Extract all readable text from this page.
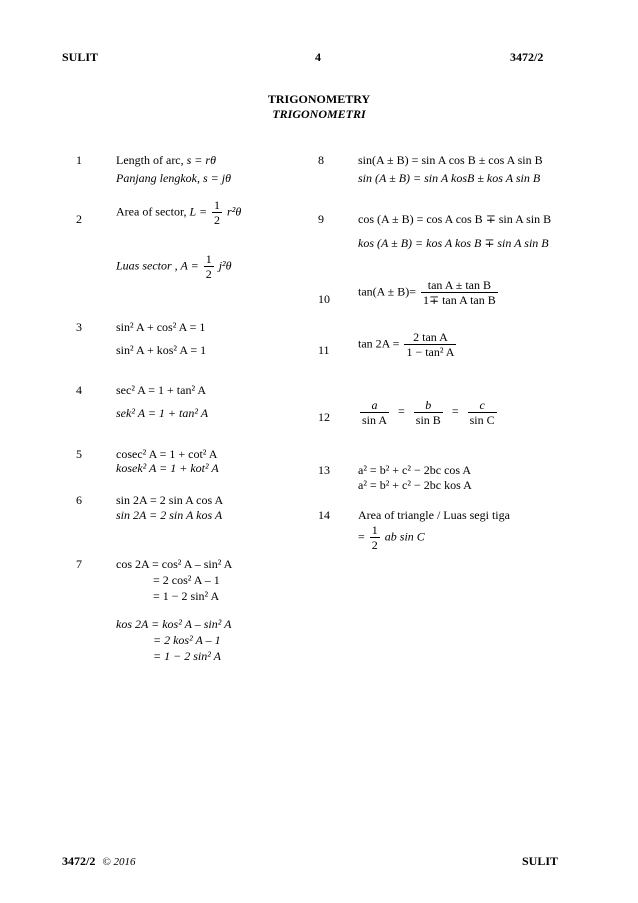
SULIT	4	3472/2
TRIGONOMETRY
TRIGONOMETRI
1	Length of arc, s = rθ
Panjang lengkok, s = jθ
2
Area of sector, $L = \frac{1}{2} r^2\theta$
Luas sector , $A = \frac{1}{2} j^2\theta$
3	sin² A + cos² A = 1
sin² A + kos² A = 1
4	sec² A = 1 + tan² A
sek² A = 1 + tan² A
5	cosec² A = 1 + cot² A
kosek² A = 1 + kot² A
6	sin 2A = 2 sin A cos A
sin 2A = 2 sin A kos A
7	cos 2A = cos² A – sin² A
= 2 cos² A – 1
= 1 − 2 sin² A
kos 2A = kos² A – sin² A
= 2 kos² A – 1
= 1 − 2 sin² A
8	sin(A ± B) = sin A cos B ± cos A sin B
sin (A ± B) = sin A kosB ± kos A sin B
9	cos (A ± B) = cos A cos B ∓ sin A sin B
kos (A ± B) = kos A kos B ∓ sin A sin B
10
$\tan(A \pm B)= \frac{\text{tan A ± tan B}}{\text{1∓ tan A tan B}}$
11 $\tan 2A = \frac{\text{2 tan A}}{\text{1 − tan² A}}$
12	$\frac{a}{\text{sin A}} = \frac{b}{\text{sin B}} = \frac{c}{\text{sin C}}$
13 a² = b² + c² − 2bc cos A
a² = b² + c² − 2bc kos A
14 Area of triangle / Luas segi tiga
= $\frac{1}{2}$ ab sin C
3472/2 © 2016	SULIT
